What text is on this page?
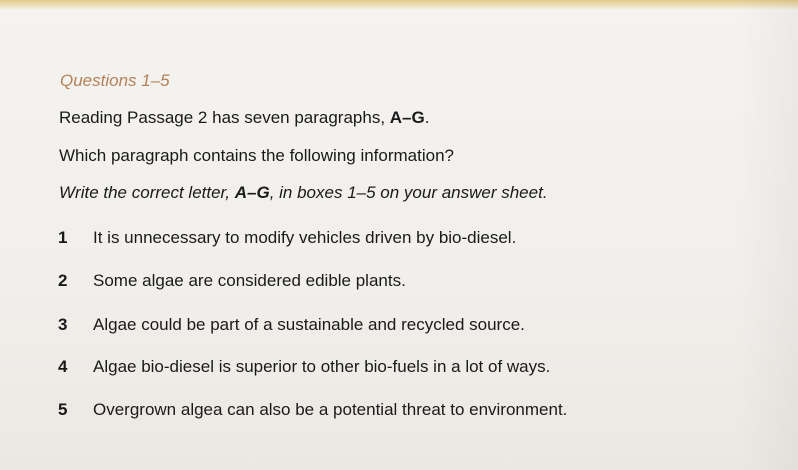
Questions 1–5
Reading Passage 2 has seven paragraphs, A–G.
Which paragraph contains the following information?
Write the correct letter, A–G, in boxes 1–5 on your answer sheet.
1 It is unnecessary to modify vehicles driven by bio-diesel.
2 Some algae are considered edible plants.
3 Algae could be part of a sustainable and recycled source.
4 Algae bio-diesel is superior to other bio-fuels in a lot of ways.
5 Overgrown algea can also be a potential threat to environment.
